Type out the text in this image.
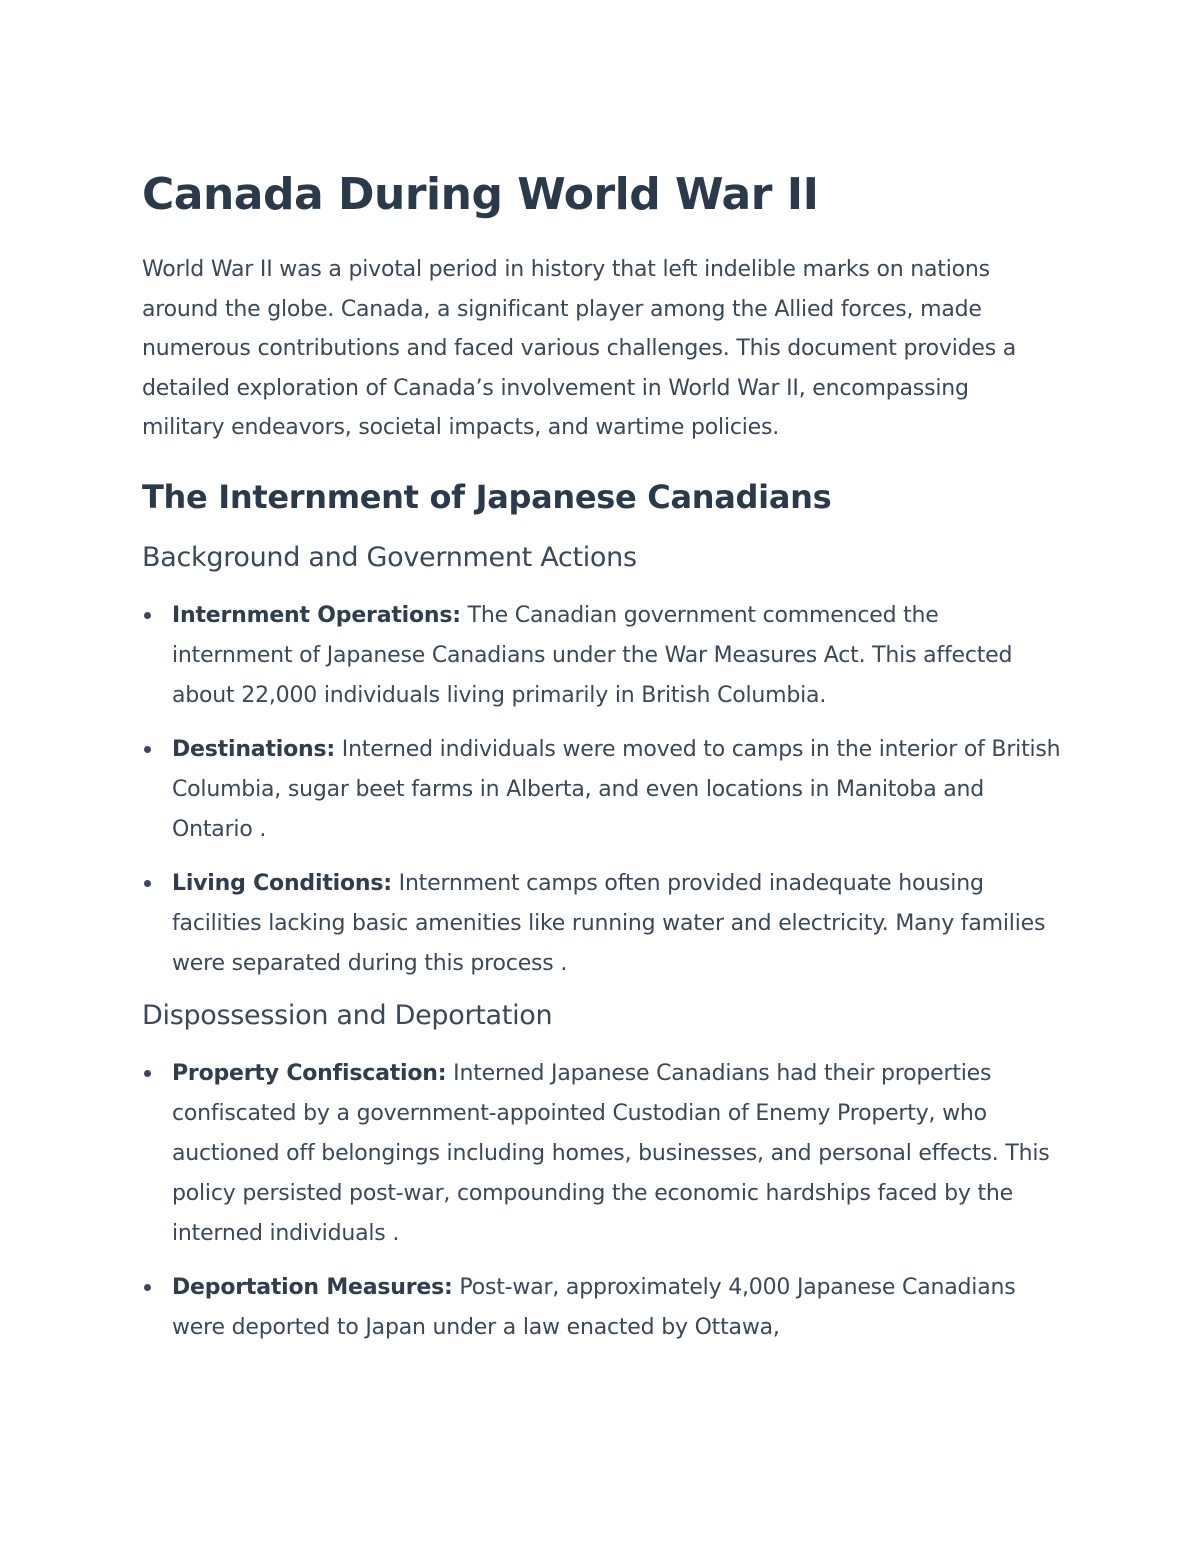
Canada During World War II

World War II was a pivotal period in history that left indelible marks on nations around the globe. Canada, a significant player among the Allied forces, made numerous contributions and faced various challenges. This document provides a detailed exploration of Canada’s involvement in World War II, encompassing military endeavors, societal impacts, and wartime policies.

The Internment of Japanese Canadians
Background and Government Actions
Internment Operations: The Canadian government commenced the internment of Japanese Canadians under the War Measures Act. This affected about 22,000 individuals living primarily in British Columbia.
Destinations: Interned individuals were moved to camps in the interior of British Columbia, sugar beet farms in Alberta, and even locations in Manitoba and Ontario .
Living Conditions: Internment camps often provided inadequate housing facilities lacking basic amenities like running water and electricity. Many families were separated during this process .
Dispossession and Deportation
Property Confiscation: Interned Japanese Canadians had their properties confiscated by a government-appointed Custodian of Enemy Property, who auctioned off belongings including homes, businesses, and personal effects. This policy persisted post-war, compounding the economic hardships faced by the interned individuals .
Deportation Measures: Post-war, approximately 4,000 Japanese Canadians were deported to Japan under a law enacted by Ottawa,
